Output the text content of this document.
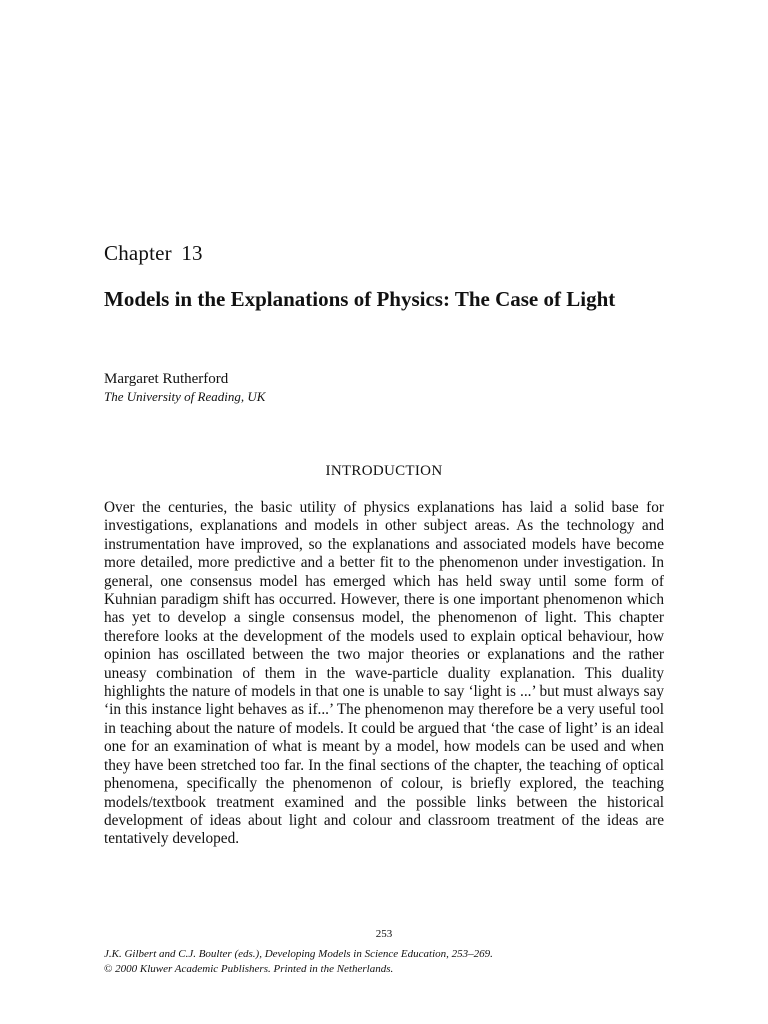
Chapter 13
Models in the Explanations of Physics: The Case of Light
Margaret Rutherford
The University of Reading, UK
INTRODUCTION
Over the centuries, the basic utility of physics explanations has laid a solid base for investigations, explanations and models in other subject areas. As the technology and instrumentation have improved, so the explanations and associated models have become more detailed, more predictive and a better fit to the phenomenon under investigation. In general, one consensus model has emerged which has held sway until some form of Kuhnian paradigm shift has occurred. However, there is one important phenomenon which has yet to develop a single consensus model, the phenomenon of light. This chapter therefore looks at the development of the models used to explain optical behaviour, how opinion has oscillated between the two major theories or explanations and the rather uneasy combination of them in the wave-particle duality explanation. This duality highlights the nature of models in that one is unable to say ‘light is ...’ but must always say ‘in this instance light behaves as if...’ The phenomenon may therefore be a very useful tool in teaching about the nature of models. It could be argued that ‘the case of light’ is an ideal one for an examination of what is meant by a model, how models can be used and when they have been stretched too far. In the final sections of the chapter, the teaching of optical phenomena, specifically the phenomenon of colour, is briefly explored, the teaching models/textbook treatment examined and the possible links between the historical development of ideas about light and colour and classroom treatment of the ideas are tentatively developed.
253
J.K. Gilbert and C.J. Boulter (eds.), Developing Models in Science Education, 253–269.
© 2000 Kluwer Academic Publishers. Printed in the Netherlands.
